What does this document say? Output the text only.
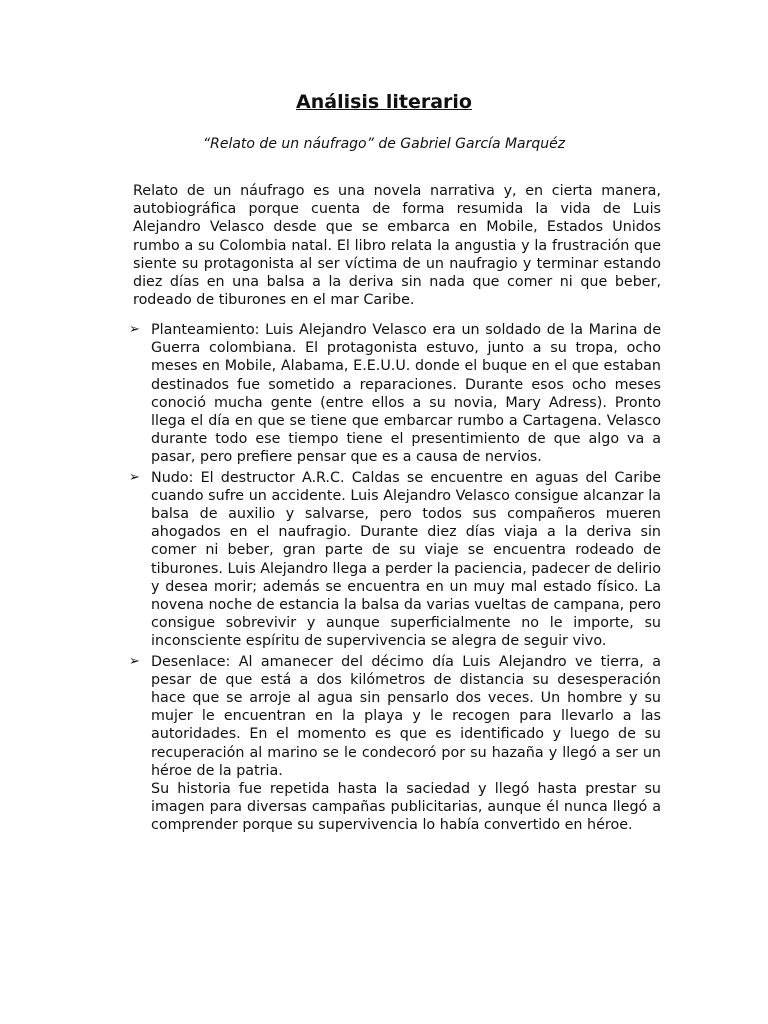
Análisis literario

“Relato de un náufrago” de Gabriel García Marquéz

Relato de un náufrago es una novela narrativa y, en cierta manera, autobiográfica porque cuenta de forma resumida la vida de Luis Alejandro Velasco desde que se embarca en Mobile, Estados Unidos rumbo a su Colombia natal. El libro relata la angustia y la frustración que siente su protagonista al ser víctima de un naufragio y terminar estando diez días en una balsa a la deriva sin nada que comer ni que beber, rodeado de tiburones en el mar Caribe.

➢ Planteamiento: Luis Alejandro Velasco era un soldado de la Marina de Guerra colombiana. El protagonista estuvo, junto a su tropa, ocho meses en Mobile, Alabama, E.E.U.U. donde el buque en el que estaban destinados fue sometido a reparaciones. Durante esos ocho meses conoció mucha gente (entre ellos a su novia, Mary Adress). Pronto llega el día en que se tiene que embarcar rumbo a Cartagena. Velasco durante todo ese tiempo tiene el presentimiento de que algo va a pasar, pero prefiere pensar que es a causa de nervios.

➢ Nudo: El destructor A.R.C. Caldas se encuentre en aguas del Caribe cuando sufre un accidente. Luis Alejandro Velasco consigue alcanzar la balsa de auxilio y salvarse, pero todos sus compañeros mueren ahogados en el naufragio. Durante diez días viaja a la deriva sin comer ni beber, gran parte de su viaje se encuentra rodeado de tiburones. Luis Alejandro llega a perder la paciencia, padecer de delirio y desea morir; además se encuentra en un muy mal estado físico. La novena noche de estancia la balsa da varias vueltas de campana, pero consigue sobrevivir y aunque superficialmente no le importe, su inconsciente espíritu de supervivencia se alegra de seguir vivo.

➢ Desenlace: Al amanecer del décimo día Luis Alejandro ve tierra, a pesar de que está a dos kilómetros de distancia su desesperación hace que se arroje al agua sin pensarlo dos veces. Un hombre y su mujer le encuentran en la playa y le recogen para llevarlo a las autoridades. En el momento es que es identificado y luego de su recuperación al marino se le condecoró por su hazaña y llegó a ser un héroe de la patria.

Su historia fue repetida hasta la saciedad y llegó hasta prestar su imagen para diversas campañas publicitarias, aunque él nunca llegó a comprender porque su supervivencia lo había convertido en héroe.
